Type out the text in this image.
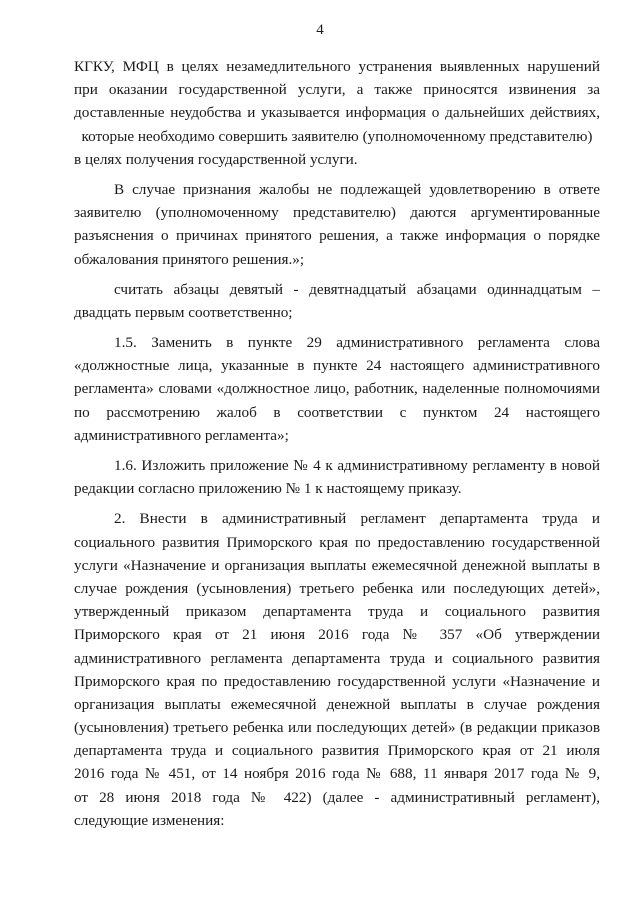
4
КГКУ, МФЦ в целях незамедлительного устранения выявленных нарушений
при оказании государственной услуги, а также приносятся извинения за
доставленные неудобства и указывается информация о дальнейших действиях,
которые необходимо совершить заявителю (уполномоченному представителю)
в целях получения государственной услуги.
В случае признания жалобы не подлежащей удовлетворению в ответе
заявителю (уполномоченному представителю) даются аргументированные
разъяснения о причинах принятого решения, а также информация о порядке
обжалования принятого решения.»;
считать абзацы девятый - девятнадцатый абзацами одиннадцатым –
двадцать первым соответственно;
1.5. Заменить в пункте 29 административного регламента слова
«должностные лица, указанные в пункте 24 настоящего административного
регламента» словами «должностное лицо, работник, наделенные полномочиями
по рассмотрению жалоб в соответствии с пунктом 24 настоящего
административного регламента»;
1.6. Изложить приложение № 4 к административному регламенту в новой
редакции согласно приложению № 1 к настоящему приказу.
2. Внести в административный регламент департамента труда и
социального развития Приморского края по предоставлению государственной
услуги «Назначение и организация выплаты ежемесячной денежной выплаты в
случае рождения (усыновления) третьего ребенка или последующих детей»,
утвержденный приказом департамента труда и социального развития
Приморского края от 21 июня 2016 года № 357 «Об утверждении
административного регламента департамента труда и социального развития
Приморского края по предоставлению государственной услуги «Назначение и
организация выплаты ежемесячной денежной выплаты в случае рождения
(усыновления) третьего ребенка или последующих детей» (в редакции приказов
департамента труда и социального развития Приморского края от 21 июля
2016 года № 451, от 14 ноября 2016 года № 688, 11 января 2017 года № 9,
от 28 июня 2018 года № 422) (далее - административный регламент),
следующие изменения:
